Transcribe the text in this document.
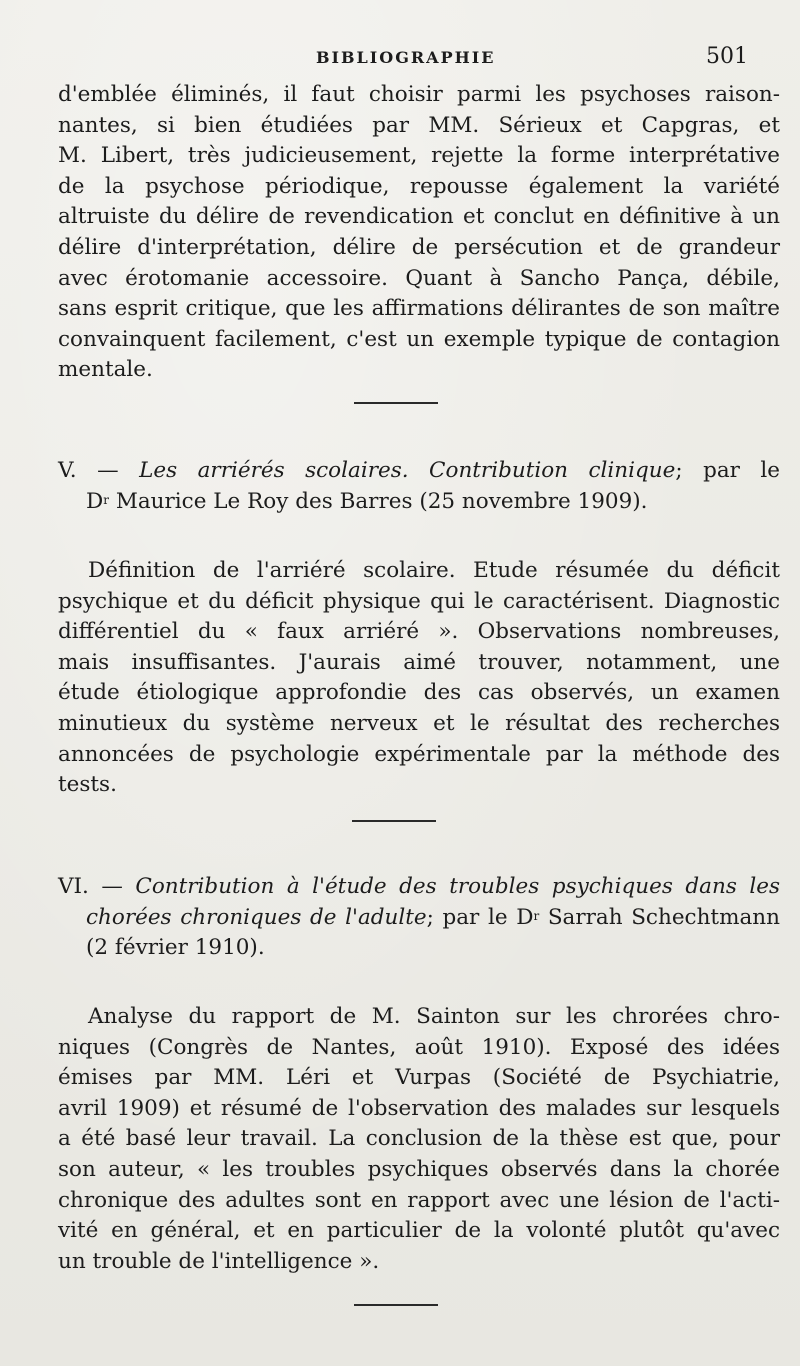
BIBLIOGRAPHIE	501
d'emblée éliminés, il faut choisir parmi les psychoses raison-
nantes, si bien étudiées par MM. Sérieux et Capgras, et
M. Libert, très judicieusement, rejette la forme interprétative
de la psychose périodique, repousse également la variété
altruiste du délire de revendication et conclut en définitive à un
délire d'interprétation, délire de persécution et de grandeur
avec érotomanie accessoire. Quant à Sancho Pança, débile,
sans esprit critique, que les affirmations délirantes de son maître
convainquent facilement, c'est un exemple typique de contagion
mentale.
V. — Les arriérés scolaires. Contribution clinique; par le
$D^r$ Maurice Le Roy des Barres (25 novembre 1909).
Définition de l'arriéré scolaire. Etude résumée du déficit
psychique et du déficit physique qui le caractérisent. Diagnostic
différentiel du « faux arriéré ». Observations nombreuses,
mais insuffisantes. J'aurais aimé trouver, notamment, une
étude étiologique approfondie des cas observés, un examen
minutieux du système nerveux et le résultat des recherches
annoncées de psychologie expérimentale par la méthode des
tests.
VI. — Contribution à l'étude des troubles psychiques dans les
chorées chroniques de l'adulte; par le $D^r$ Sarrah Schechtmann
(2 février 1910).
Analyse du rapport de M. Sainton sur les chrorées chro-
niques (Congrès de Nantes, août 1910). Exposé des idées
émises par MM. Léri et Vurpas (Société de Psychiatrie,
avril 1909) et résumé de l'observation des malades sur lesquels
a été basé leur travail. La conclusion de la thèse est que, pour
son auteur, « les troubles psychiques observés dans la chorée
chronique des adultes sont en rapport avec une lésion de l'acti-
vité en général, et en particulier de la volonté plutôt qu'avec
un trouble de l'intelligence ».
